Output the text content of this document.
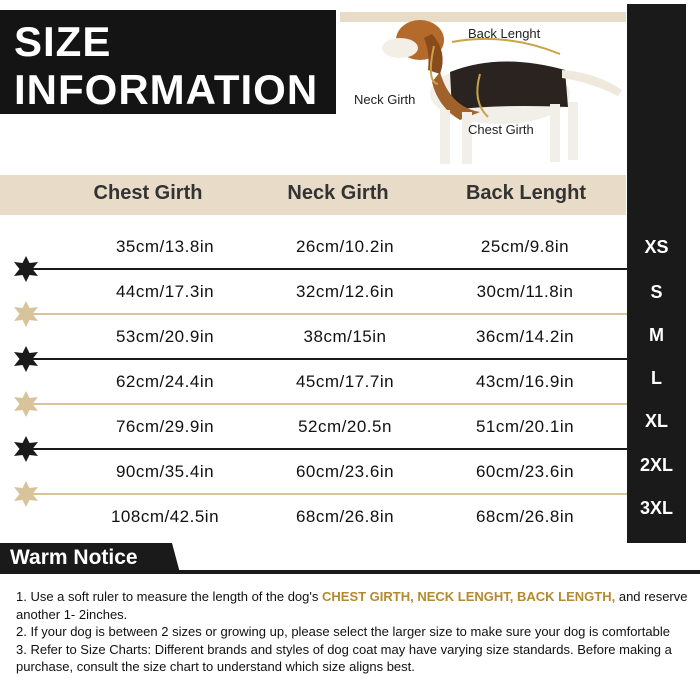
SIZE
INFORMATION
Back Lenght
Neck Girth
Chest Girth
Chest Girth	Neck Girth	Back Lenght
35cm/13.8in	26cm/10.2in	25cm/9.8in	XS
44cm/17.3in	32cm/12.6in	30cm/11.8in	S
53cm/20.9in	38cm/15in	36cm/14.2in	M
62cm/24.4in	45cm/17.7in	43cm/16.9in	L
76cm/29.9in	52cm/20.5n	51cm/20.1in	XL
90cm/35.4in	60cm/23.6in	60cm/23.6in	2XL
108cm/42.5in	68cm/26.8in	68cm/26.8in	3XL
Warm Notice
1. Use a soft ruler to measure the length of the dog's CHEST GIRTH, NECK LENGHT, BACK LENGTH, and reserve another 1- 2inches.
2. If your dog is between 2 sizes or growing up, please select the larger size to make sure your dog is comfortable
3. Refer to Size Charts: Different brands and styles of dog coat may have varying size standards. Before making a purchase, consult the size chart to understand which size aligns best.
